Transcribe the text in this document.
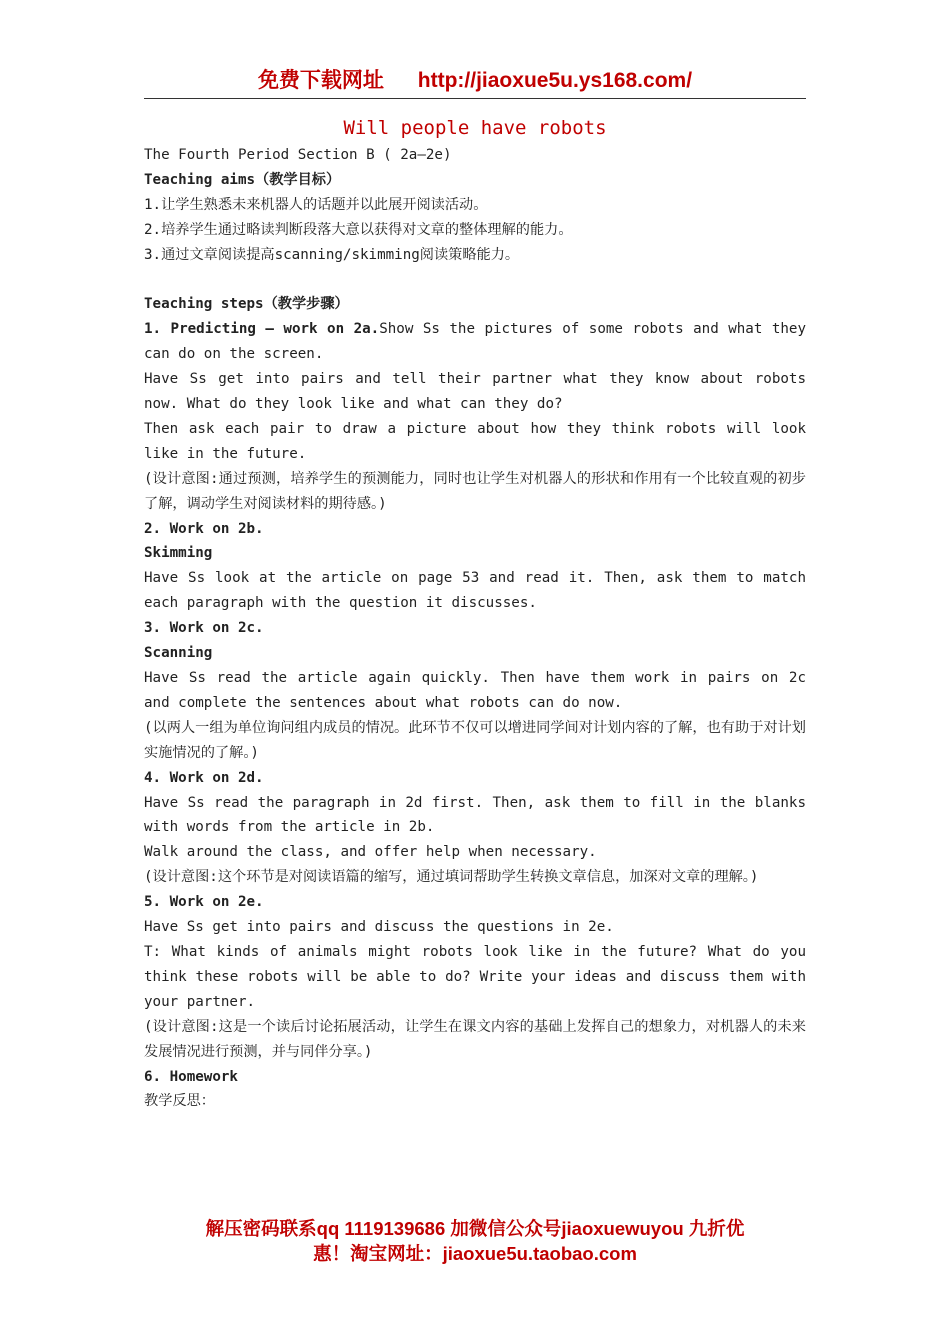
免费下载网址 http://jiaoxue5u.ys168.com/
Will people have robots

The Fourth Period Section B ( 2a–2e)

Teaching aims（教学目标）

1.让学生熟悉未来机器人的话题并以此展开阅读活动。

2.培养学生通过略读判断段落大意以获得对文章的整体理解的能力。

3.通过文章阅读提高scanning/skimming阅读策略能力。

Teaching steps（教学步骤）

1. Predicting – work on 2a.Show Ss the pictures of some robots and what they can do on the screen.

Have Ss get into pairs and tell their partner what they know about robots now. What do they look like and what can they do?

Then ask each pair to draw a picture about how they think robots will look like in the future.

(设计意图:通过预测，培养学生的预测能力，同时也让学生对机器人的形状和作用有一个比较直观的初步了解，调动学生对阅读材料的期待感。)

2. Work on 2b.

Skimming

Have Ss look at the article on page 53 and read it. Then, ask them to match each paragraph with the question it discusses.

3. Work on 2c.

Scanning

Have Ss read the article again quickly. Then have them work in pairs on 2c and complete the sentences about what robots can do now.

(以两人一组为单位询问组内成员的情况。此环节不仅可以增进同学间对计划内容的了解，也有助于对计划实施情况的了解。)

4. Work on 2d.

Have Ss read the paragraph in 2d first. Then, ask them to fill in the blanks with words from the article in 2b.

Walk around the class, and offer help when necessary.

(设计意图:这个环节是对阅读语篇的缩写，通过填词帮助学生转换文章信息，加深对文章的理解。)

5. Work on 2e.

Have Ss get into pairs and discuss the questions in 2e.

T: What kinds of animals might robots look like in the future? What do you think these robots will be able to do? Write your ideas and discuss them with your partner.

(设计意图:这是一个读后讨论拓展活动，让学生在课文内容的基础上发挥自己的想象力，对机器人的未来发展情况进行预测，并与同伴分享。)

6. Homework

教学反思：

解压密码联系qq 1119139686 加微信公众号jiaoxuewuyou 九折优
惠！淘宝网址：jiaoxue5u.taobao.com
